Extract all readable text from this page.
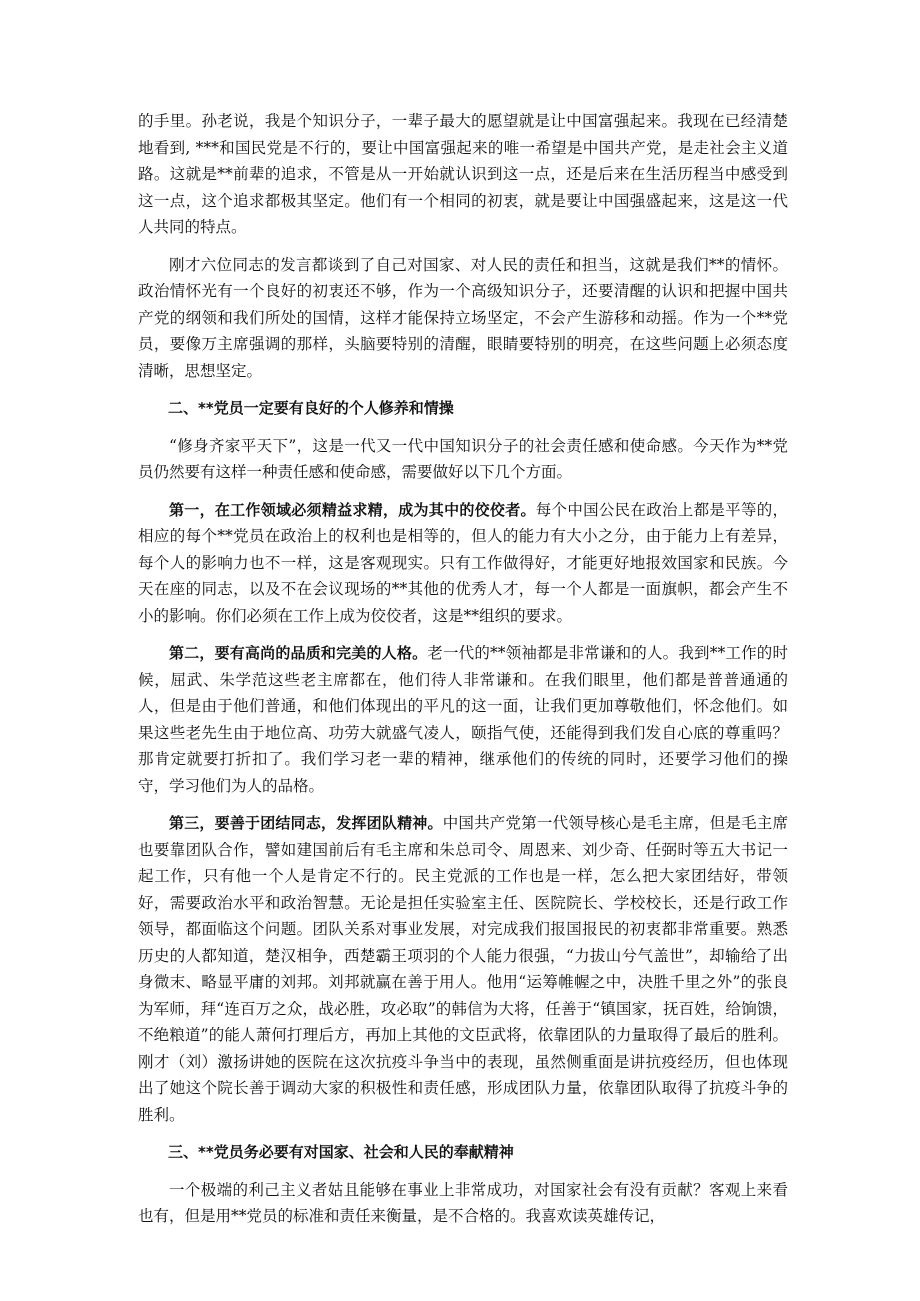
的手里。孙老说，我是个知识分子，一辈子最大的愿望就是让中国富强起来。我现在已经清楚地看到, ***和国民党是不行的，要让中国富强起来的唯一希望是中国共产党，是走社会主义道路。这就是**前辈的追求，不管是从一开始就认识到这一点，还是后来在生活历程当中感受到这一点，这个追求都极其坚定。他们有一个相同的初衷，就是要让中国强盛起来，这是这一代人共同的特点。

刚才六位同志的发言都谈到了自己对国家、对人民的责任和担当，这就是我们**的情怀。政治情怀光有一个良好的初衷还不够，作为一个高级知识分子，还要清醒的认识和把握中国共产党的纲领和我们所处的国情，这样才能保持立场坚定，不会产生游移和动摇。作为一个**党员，要像万主席强调的那样，头脑要特别的清醒，眼睛要特别的明亮，在这些问题上必须态度清晰，思想坚定。

二、**党员一定要有良好的个人修养和情操

“修身齐家平天下”，这是一代又一代中国知识分子的社会责任感和使命感。今天作为**党员仍然要有这样一种责任感和使命感，需要做好以下几个方面。

第一，在工作领域必须精益求精，成为其中的佼佼者。每个中国公民在政治上都是平等的，相应的每个**党员在政治上的权利也是相等的，但人的能力有大小之分，由于能力上有差异，每个人的影响力也不一样，这是客观现实。只有工作做得好，才能更好地报效国家和民族。今天在座的同志，以及不在会议现场的**其他的优秀人才，每一个人都是一面旗帜，都会产生不小的影响。你们必须在工作上成为佼佼者，这是**组织的要求。

第二，要有高尚的品质和完美的人格。老一代的**领袖都是非常谦和的人。我到**工作的时候，屈武、朱学范这些老主席都在，他们待人非常谦和。在我们眼里，他们都是普普通通的人，但是由于他们普通，和他们体现出的平凡的这一面，让我们更加尊敬他们，怀念他们。如果这些老先生由于地位高、功劳大就盛气凌人，颐指气使，还能得到我们发自心底的尊重吗？那肯定就要打折扣了。我们学习老一辈的精神，继承他们的传统的同时，还要学习他们的操守，学习他们为人的品格。

第三，要善于团结同志，发挥团队精神。中国共产党第一代领导核心是毛主席，但是毛主席也要靠团队合作，譬如建国前后有毛主席和朱总司令、周恩来、刘少奇、任弼时等五大书记一起工作，只有他一个人是肯定不行的。民主党派的工作也是一样，怎么把大家团结好，带领好，需要政治水平和政治智慧。无论是担任实验室主任、医院院长、学校校长，还是行政工作领导，都面临这个问题。团队关系对事业发展，对完成我们报国报民的初衷都非常重要。熟悉历史的人都知道，楚汉相争，西楚霸王项羽的个人能力很强，“力拔山兮气盖世”，却输给了出身微末、略显平庸的刘邦。刘邦就赢在善于用人。他用“运筹帷幄之中，决胜千里之外”的张良为军师，拜“连百万之众，战必胜，攻必取”的韩信为大将，任善于“镇国家，抚百姓，给饷馈，不绝粮道”的能人萧何打理后方，再加上其他的文臣武将，依靠团队的力量取得了最后的胜利。刚才（刘）激扬讲她的医院在这次抗疫斗争当中的表现，虽然侧重面是讲抗疫经历，但也体现出了她这个院长善于调动大家的积极性和责任感，形成团队力量，依靠团队取得了抗疫斗争的胜利。

三、**党员务必要有对国家、社会和人民的奉献精神

一个极端的利己主义者姑且能够在事业上非常成功，对国家社会有没有贡献？客观上来看也有，但是用**党员的标准和责任来衡量，是不合格的。我喜欢读英雄传记，
